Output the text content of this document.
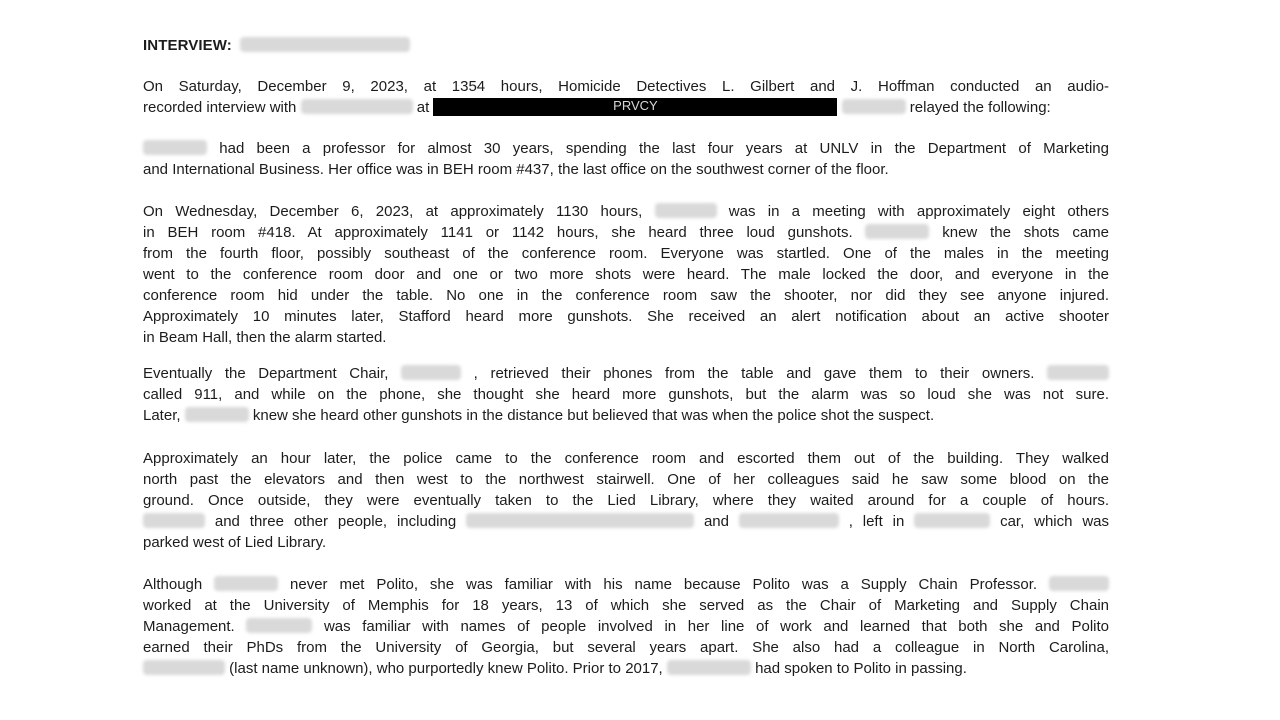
INTERVIEW:
On Saturday, December 9, 2023, at 1354 hours, Homicide Detectives L. Gilbert and J. Hoffman conducted an audio-
recorded interview with	at	PRVCY	relayed the following:
had been a professor for almost 30 years, spending the last four years at UNLV in the Department of Marketing
and International Business. Her office was in BEH room #437, the last office on the southwest corner of the floor.
On Wednesday, December 6, 2023, at approximately 1130 hours,	was in a meeting with approximately eight others
in BEH room #418. At approximately 1141 or 1142 hours, she heard three loud gunshots.	knew the shots came
from the fourth floor, possibly southeast of the conference room. Everyone was startled. One of the males in the meeting
went to the conference room door and one or two more shots were heard. The male locked the door, and everyone in the
conference room hid under the table. No one in the conference room saw the shooter, nor did they see anyone injured.
Approximately 10 minutes later, Stafford heard more gunshots. She received an alert notification about an active shooter
in Beam Hall, then the alarm started.
Eventually the Department Chair,	, retrieved their phones from the table and gave them to their owners.
called 911, and while on the phone, she thought she heard more gunshots, but the alarm was so loud she was not sure.
Later,	knew she heard other gunshots in the distance but believed that was when the police shot the suspect.
Approximately an hour later, the police came to the conference room and escorted them out of the building. They walked
north past the elevators and then west to the northwest stairwell. One of her colleagues said he saw some blood on the
ground. Once outside, they were eventually taken to the Lied Library, where they waited around for a couple of hours.
and three other people, including	and	, left in	car, which was
parked west of Lied Library.
Although	never met Polito, she was familiar with his name because Polito was a Supply Chain Professor.
worked at the University of Memphis for 18 years, 13 of which she served as the Chair of Marketing and Supply Chain
Management.	was familiar with names of people involved in her line of work and learned that both she and Polito
earned their PhDs from the University of Georgia, but several years apart. She also had a colleague in North Carolina,
(last name unknown), who purportedly knew Polito. Prior to 2017,	had spoken to Polito in passing.
